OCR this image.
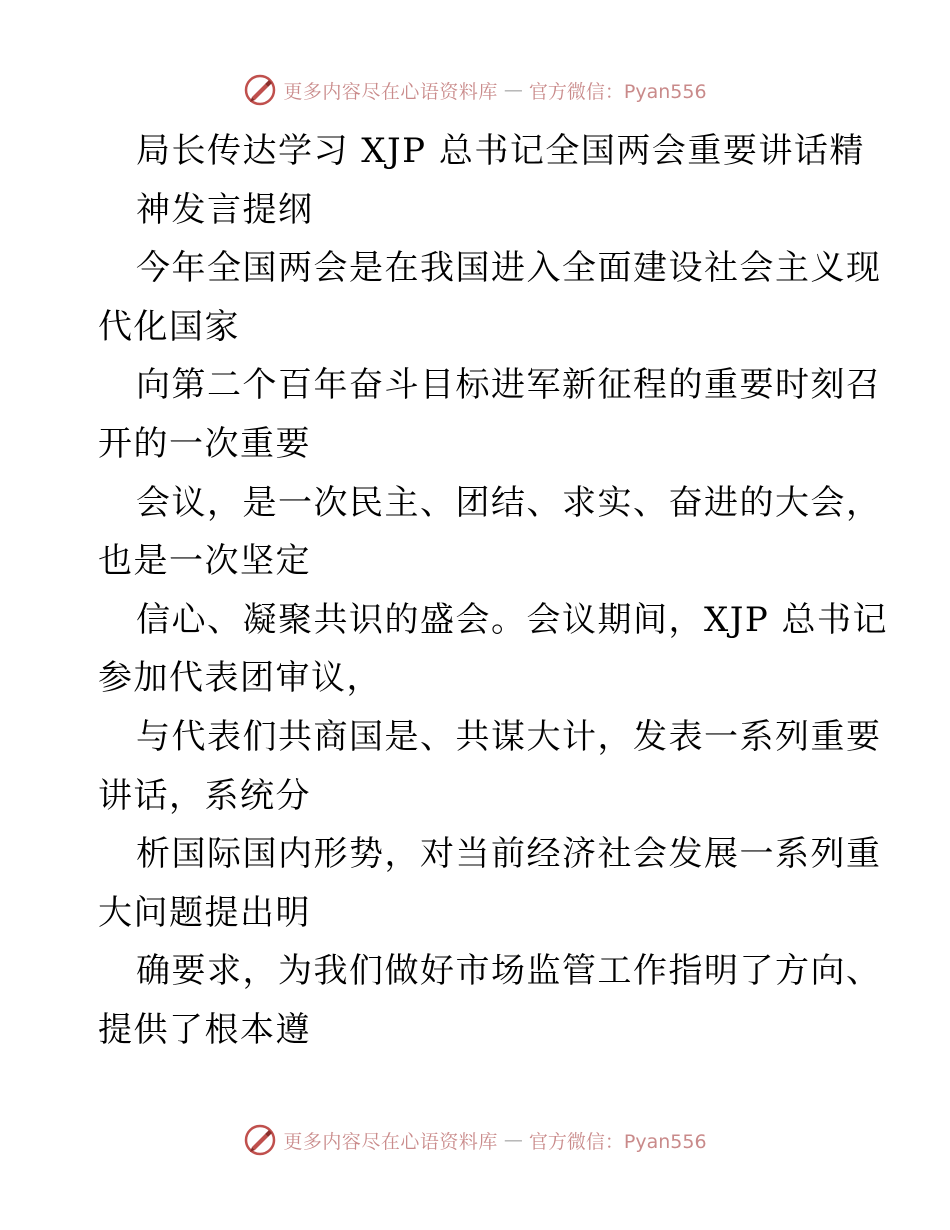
更多内容尽在心语资料库 — 官方微信：Pyan556
局长传达学习 XJP 总书记全国两会重要讲话精
神发言提纲
今年全国两会是在我国进入全面建设社会主义现
代化国家
向第二个百年奋斗目标进军新征程的重要时刻召
开的一次重要
会议，是一次民主、团结、求实、奋进的大会，
也是一次坚定
信心、凝聚共识的盛会。会议期间，XJP 总书记
参加代表团审议，
与代表们共商国是、共谋大计，发表一系列重要
讲话，系统分
析国际国内形势，对当前经济社会发展一系列重
大问题提出明
确要求，为我们做好市场监管工作指明了方向、
提供了根本遵
更多内容尽在心语资料库 — 官方微信：Pyan556
